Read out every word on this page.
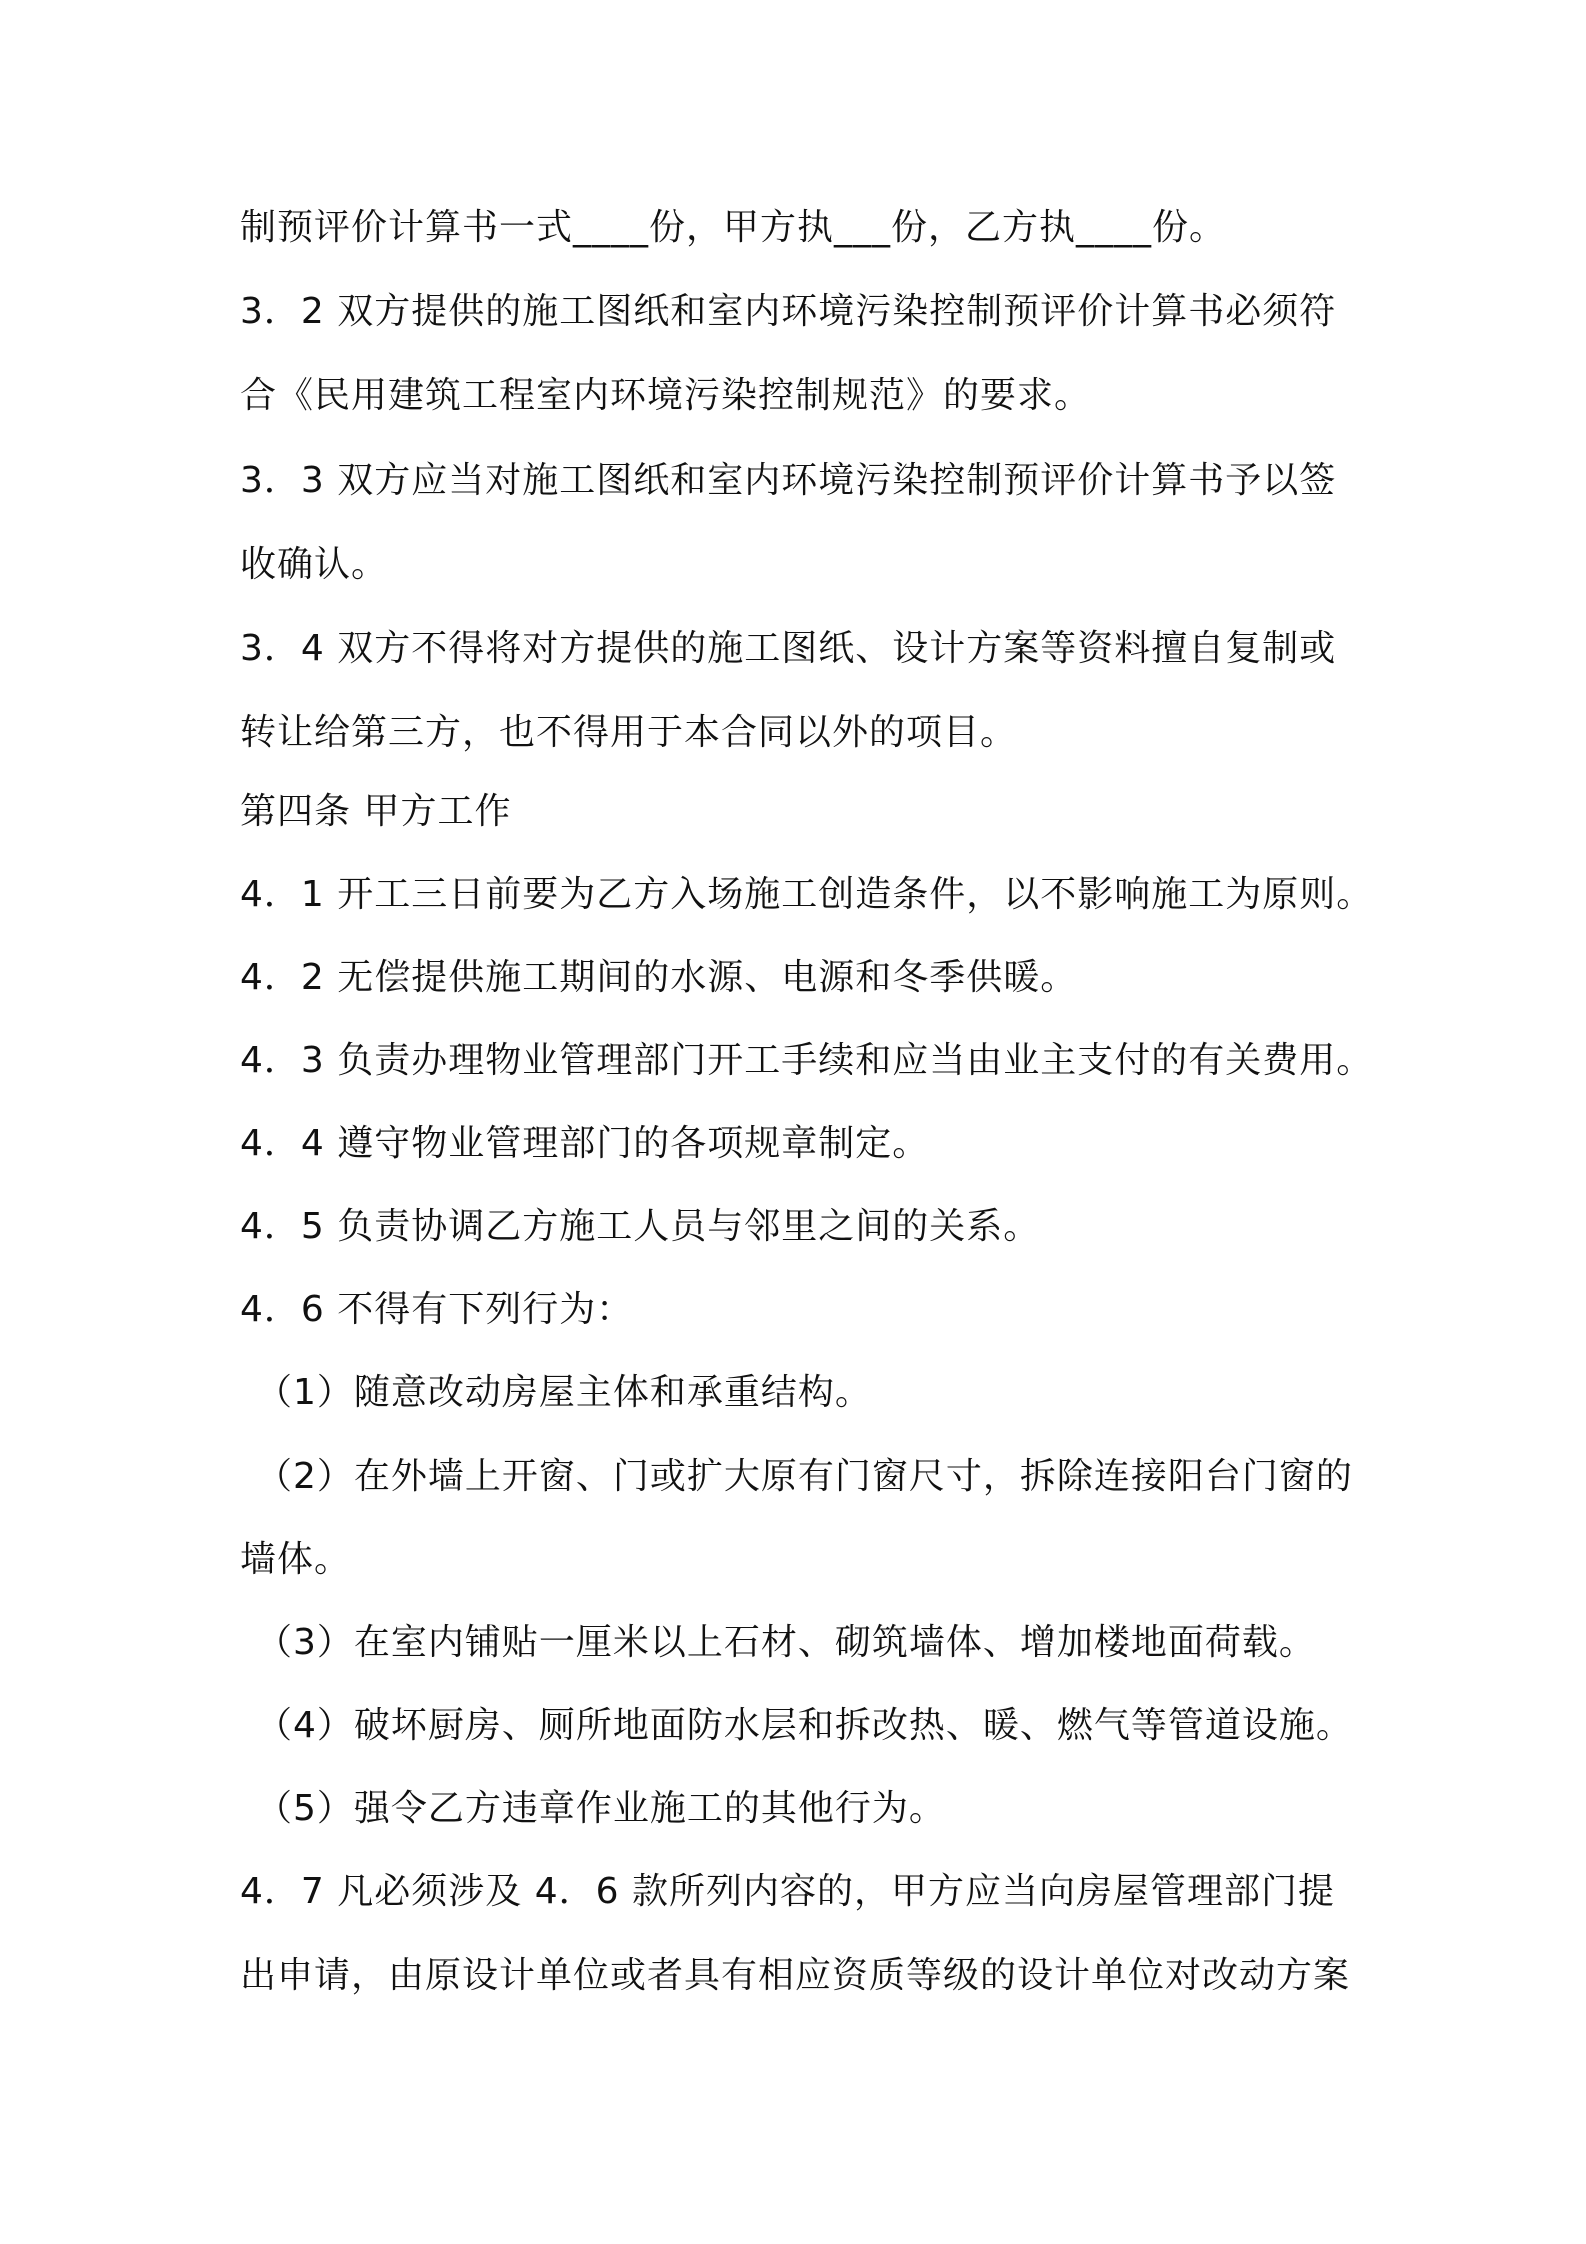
制预评价计算书一式____份，甲方执___份，乙方执____份。
3．2 双方提供的施工图纸和室内环境污染控制预评价计算书必须符
合《民用建筑工程室内环境污染控制规范》的要求。
3．3 双方应当对施工图纸和室内环境污染控制预评价计算书予以签
收确认。
3．4 双方不得将对方提供的施工图纸、设计方案等资料擅自复制或
转让给第三方，也不得用于本合同以外的项目。
第四条 甲方工作
4．1 开工三日前要为乙方入场施工创造条件，以不影响施工为原则。
4．2 无偿提供施工期间的水源、电源和冬季供暖。
4．3 负责办理物业管理部门开工手续和应当由业主支付的有关费用。
4．4 遵守物业管理部门的各项规章制定。
4．5 负责协调乙方施工人员与邻里之间的关系。
4．6 不得有下列行为：
（1）随意改动房屋主体和承重结构。
（2）在外墙上开窗、门或扩大原有门窗尺寸，拆除连接阳台门窗的
墙体。
（3）在室内铺贴一厘米以上石材、砌筑墙体、增加楼地面荷载。
（4）破坏厨房、厕所地面防水层和拆改热、暖、燃气等管道设施。
（5）强令乙方违章作业施工的其他行为。
4．7 凡必须涉及 4．6 款所列内容的，甲方应当向房屋管理部门提
出申请，由原设计单位或者具有相应资质等级的设计单位对改动方案
